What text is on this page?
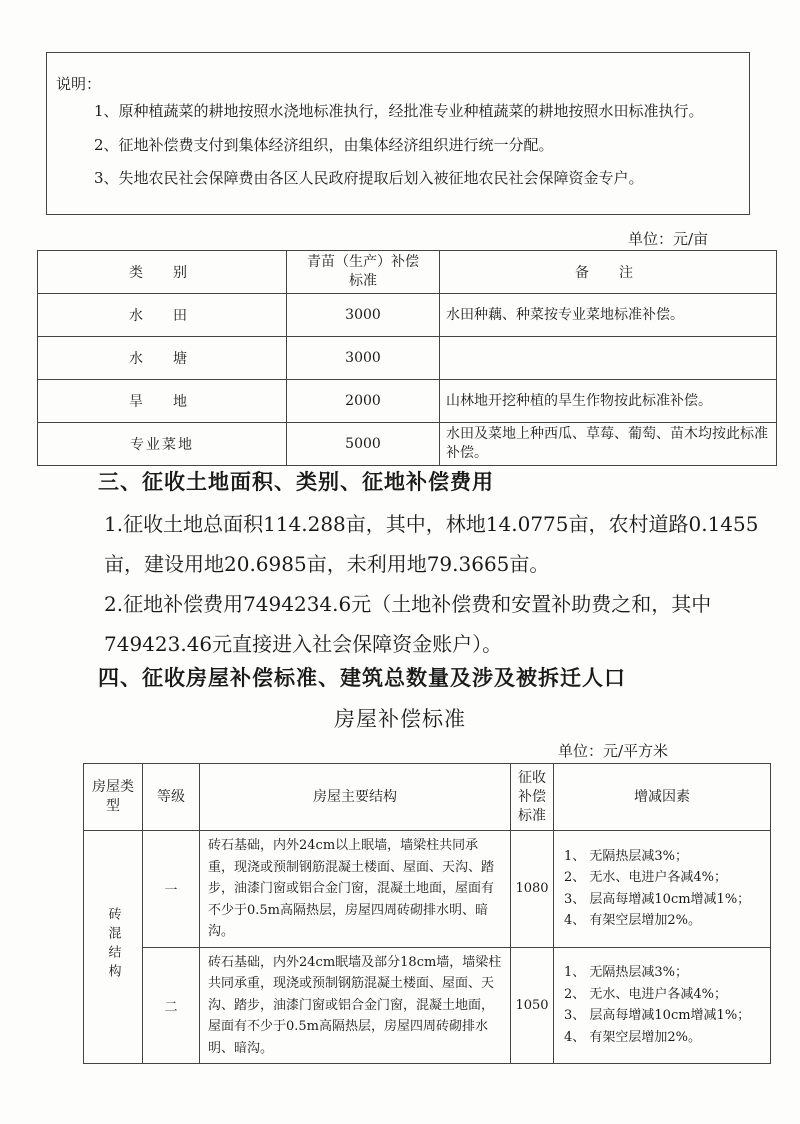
说明：
1、原种植蔬菜的耕地按照水浇地标准执行，经批准专业种植蔬菜的耕地按照水田标准执行。
2、征地补偿费支付到集体经济组织，由集体经济组织进行统一分配。
3、失地农民社会保障费由各区人民政府提取后划入被征地农民社会保障资金专户。
单位：元/亩
类　别	青苗（生产）补偿标准	备　注
水　田	3000	水田种藕、种菜按专业菜地标准补偿。
水　塘	3000	
旱　地	2000	山林地开挖种植的旱生作物按此标准补偿。
专业菜地	5000	水田及菜地上种西瓜、草莓、葡萄、苗木均按此标准补偿。
三、征收土地面积、类别、征地补偿费用
1.征收土地总面积114.288亩，其中，林地14.0775亩，农村道路0.1455亩，建设用地20.6985亩，未利用地79.3665亩。
2.征地补偿费用7494234.6元（土地补偿费和安置补助费之和，其中749423.46元直接进入社会保障资金账户）。
四、征收房屋补偿标准、建筑总数量及涉及被拆迁人口
房屋补偿标准
单位：元/平方米
房屋类型	等级	房屋主要结构	征收补偿标准	增减因素
砖混结构	一	砖石基础，内外24cm以上眠墙，墙梁柱共同承重，现浇或预制钢筋混凝土楼面、屋面、天沟、踏步，油漆门窗或铝合金门窗，混凝土地面，屋面有不少于0.5m高隔热层，房屋四周砖砌排水明、暗沟。	1080	1、 无隔热层减3%；
2、 无水、电进户各减4%；
3、 层高每增减10cm增减1%；
4、 有架空层增加2%。

	二	砖石基础，内外24cm眠墙及部分18cm墙，墙梁柱共同承重，现浇或预制钢筋混凝土楼面、屋面、天沟、踏步，油漆门窗或铝合金门窗，混凝土地面，屋面有不少于0.5m高隔热层，房屋四周砖砌排水明、暗沟。	1050	1、 无隔热层减3%；
2、 无水、电进户各减4%；
3、 层高每增减10cm增减1%；
4、 有架空层增加2%。
